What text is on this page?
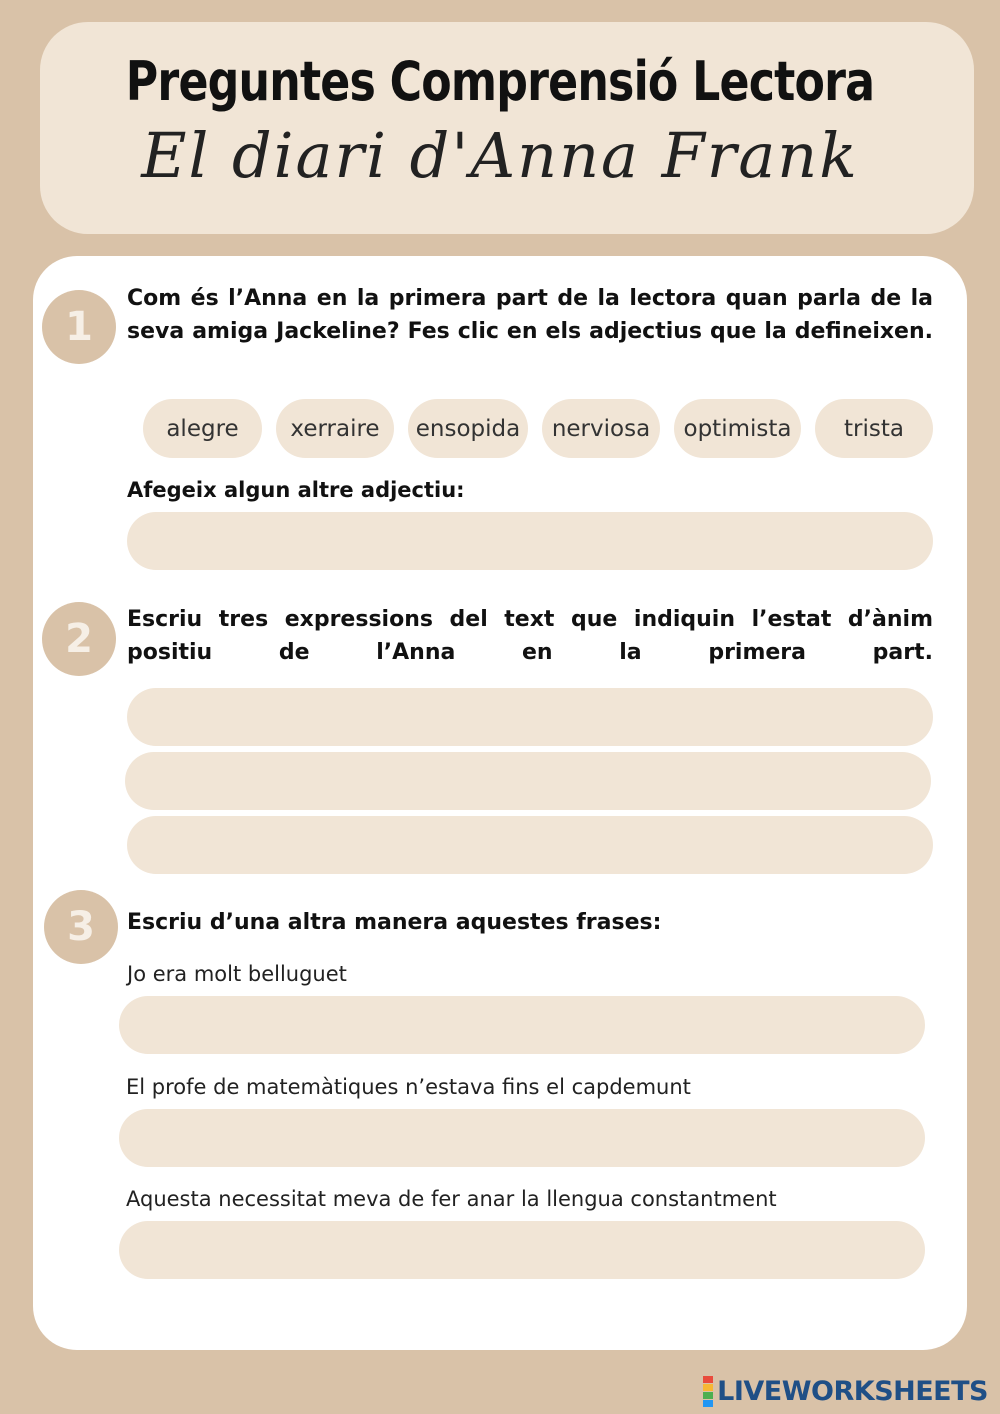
Preguntes Comprensió Lectora
El diari d'Anna Frank
1
Com és l’Anna en la primera part de la lectora quan parla de la seva amiga Jackeline? Fes clic en els adjectius que la defineixen.
alegre	xerraire	ensopida	nerviosa	optimista	trista
Afegeix algun altre adjectiu:
2	Escriu tres expressions del text que indiquin l’estat d’ànim positiu de l’Anna en la primera part.
3	Escriu d’una altra manera aquestes frases:
Jo era molt belluguet
El profe de matemàtiques n’estava fins el capdemunt
Aquesta necessitat meva de fer anar la llengua constantment
LIVEWORKSHEETS
